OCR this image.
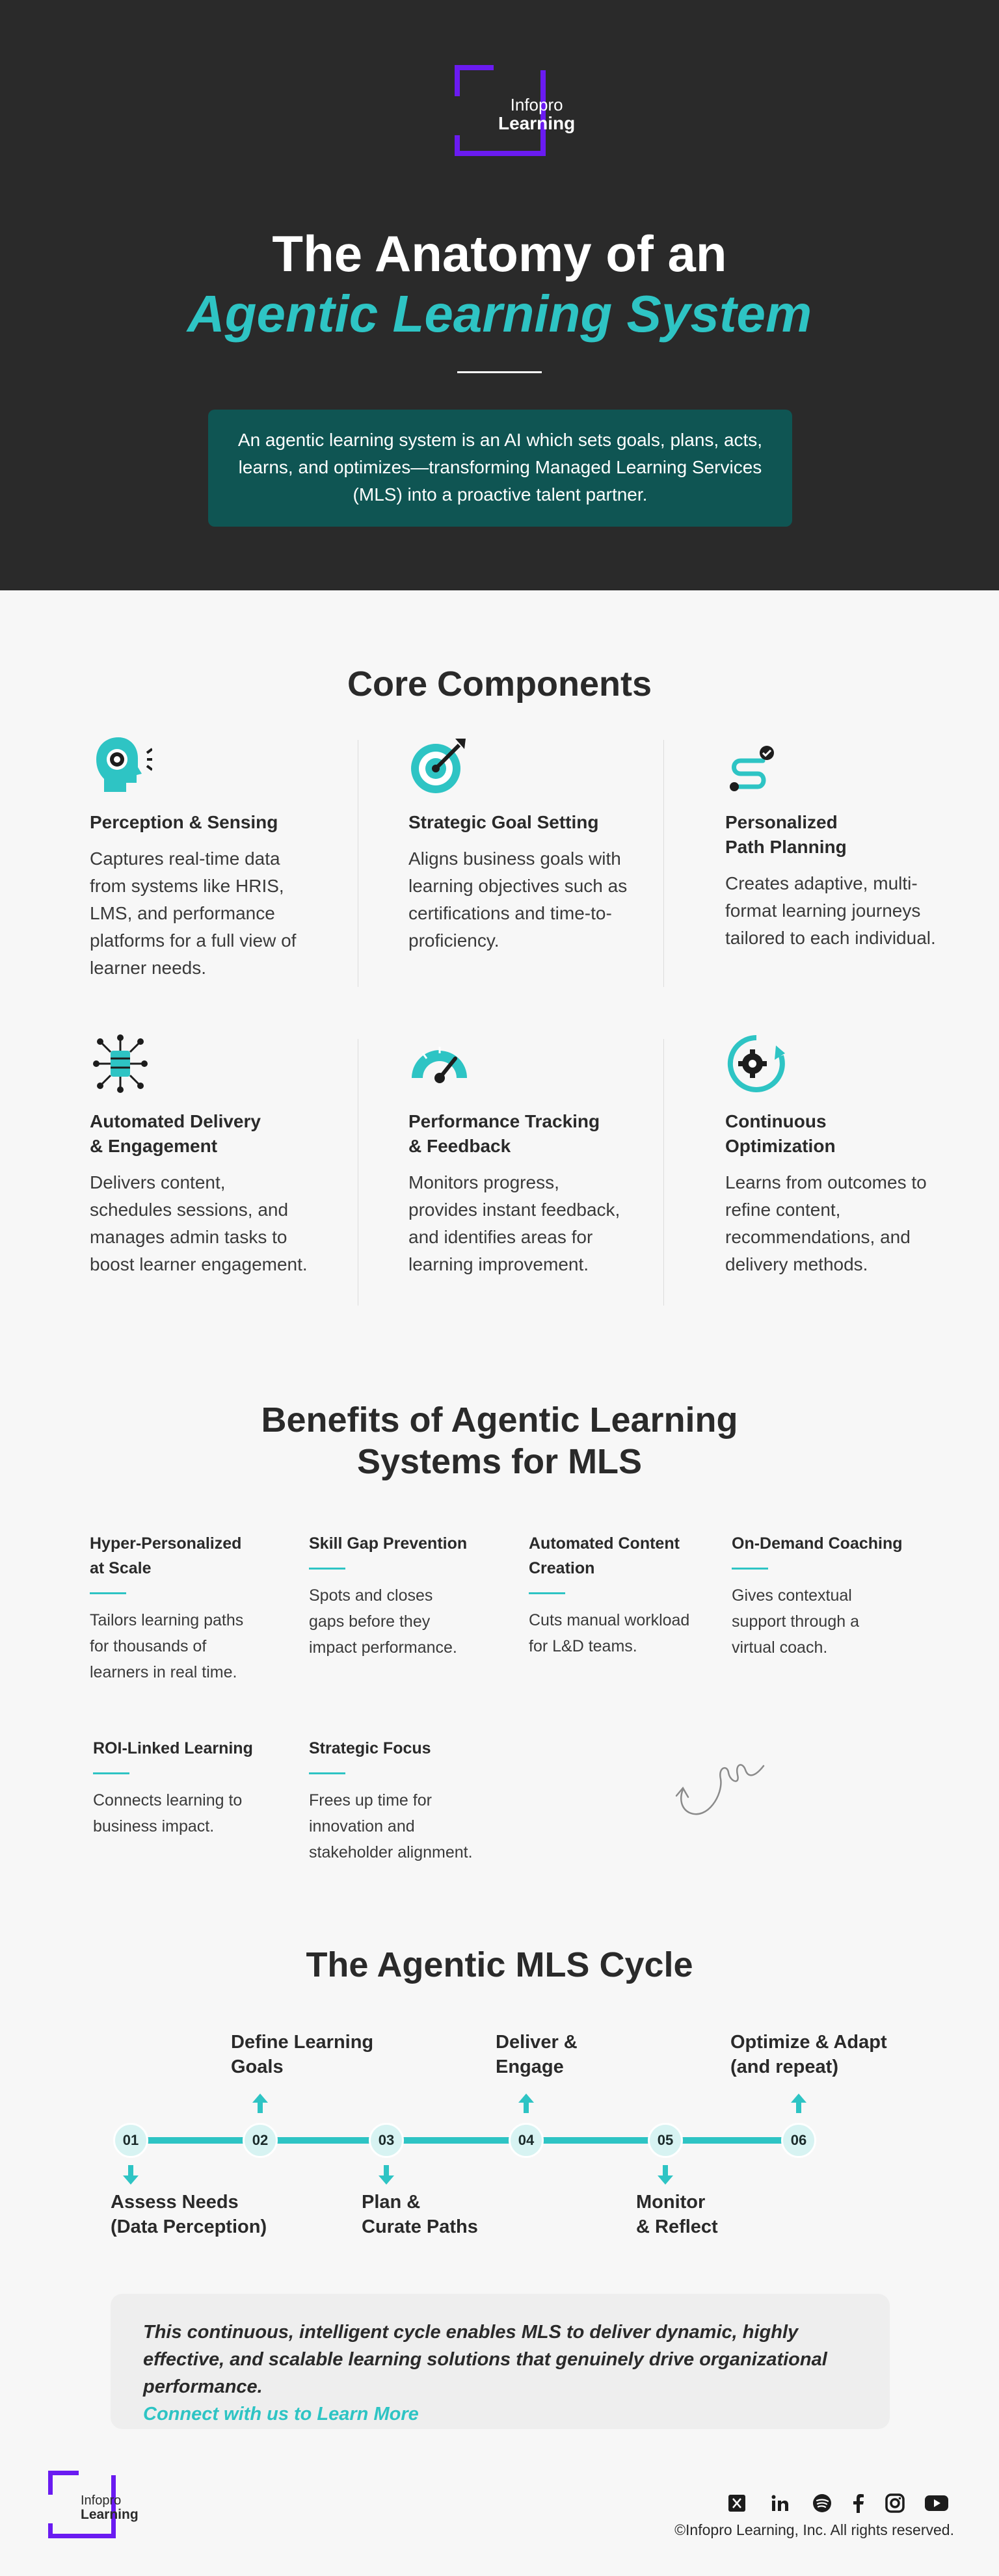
Infopro
Learning
The Anatomy of an
Agentic Learning System
An agentic learning system is an AI which sets goals, plans, acts, learns, and optimizes—transforming Managed Learning Services (MLS) into a proactive talent partner.
Core Components
Perception & Sensing

Captures real-time data from systems like HRIS, LMS, and performance platforms for a full view of learner needs.

Strategic Goal Setting

Aligns business goals with learning objectives such as certifications and time-to-proficiency.

Personalized
Path Planning

Creates adaptive, multi-format learning journeys tailored to each individual.

Automated Delivery
& Engagement

Delivers content, schedules sessions, and manages admin tasks to boost learner engagement.

Performance Tracking
& Feedback

Monitors progress, provides instant feedback, and identifies areas for learning improvement.

Continuous
Optimization

Learns from outcomes to refine content, recommendations, and delivery methods.

Benefits of Agentic Learning
Systems for MLS
Hyper-Personalized
at Scale

Tailors learning paths
for thousands of
learners in real time.

Skill Gap Prevention

Spots and closes
gaps before they
impact performance.

Automated Content
Creation

Cuts manual workload
for L&D teams.

On-Demand Coaching

Gives contextual
support through a
virtual coach.

ROI-Linked Learning

Connects learning to
business impact.

Strategic Focus

Frees up time for
innovation and
stakeholder alignment.

The Agentic MLS Cycle
01	02	03	04	05	06
Assess Needs
(Data Perception)
Define Learning
Goals
Plan &
Curate Paths
Deliver &
Engage
Monitor
& Reflect
Optimize & Adapt
(and repeat)

This continuous, intelligent cycle enables MLS to deliver dynamic, highly effective, and scalable learning solutions that genuinely drive organizational performance.

Connect with us to Learn More
Infopro
Learning
©Infopro Learning, Inc. All rights reserved.
